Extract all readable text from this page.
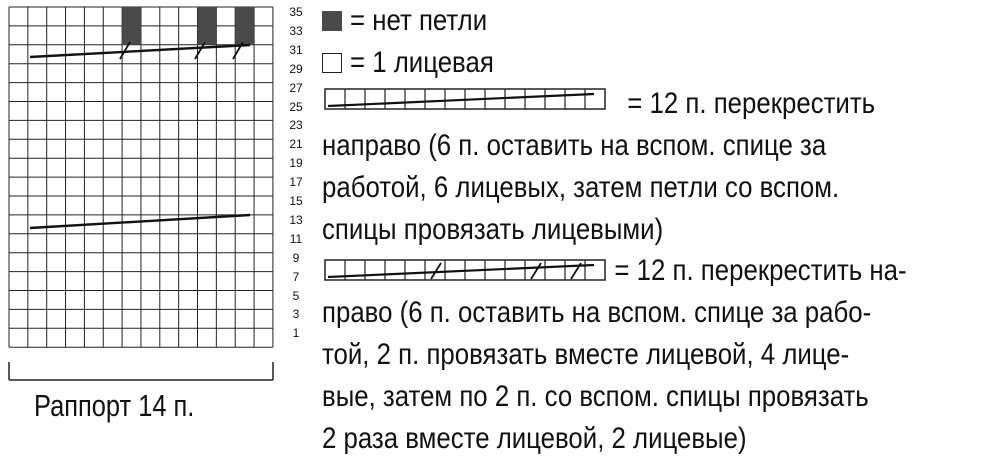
35
33
31
29
27
25
23
21
19
17
15
13
11
9
7
5
3
1
Раппорт 14 п.
= нет петли
= 1 лицевая
= 12 п. перекрестить
направо (6 п. оставить на вспом. спице за
работой, 6 лицевых, затем петли со вспом.
спицы провязать лицевыми)
= 12 п. перекрестить на-
право (6 п. оставить на вспом. спице за рабо-
той, 2 п. провязать вместе лицевой, 4 лице-
вые, затем по 2 п. со вспом. спицы провязать
2 раза вместе лицевой, 2 лицевые)
